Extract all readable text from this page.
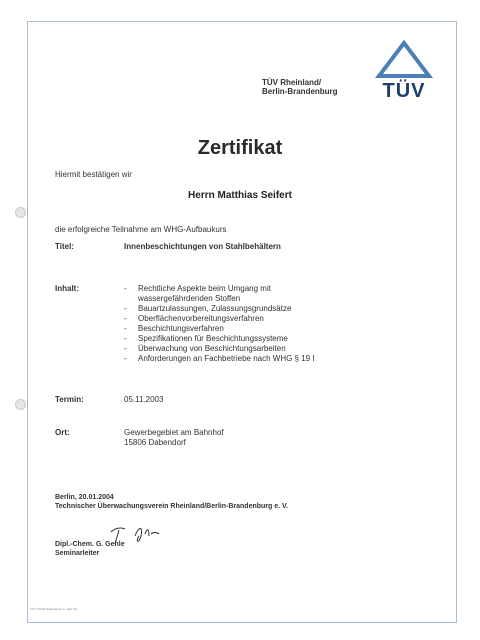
TÜV Rheinland/
Berlin-Brandenburg	TÜV
Zertifikat
Hiermit bestätigen wir
Herrn Matthias Seifert
die erfolgreiche Teilnahme am WHG-Aufbaukurs
Titel:	Innenbeschichtungen von Stahlbehältern
Inhalt:	-	Rechtliche Aspekte beim Umgang mit
wassergefährdenden Stoffen
-	Bauartzulassungen, Zulassungsgrundsätze
-	Oberflächenvorbereitungsverfahren
-	Beschichtungsverfahren
-	Spezifikationen für Beschichtungssysteme
-	Überwachung von Beschichtungsarbeiten
-	Anforderungen an Fachbetriebe nach WHG § 19 I
Termin:	05.11.2003
Ort:	Gewerbegebiet am Bahnhof
15806 Dabendorf
Berlin, 20.01.2004
Technischer Überwachungsverein Rheinland/Berlin-Brandenburg e. V.
Dipl.-Chem. G. Gehle
Seminarleiter
V/TÜ 10/02 Nettosatzun K. Jahr 9r1
